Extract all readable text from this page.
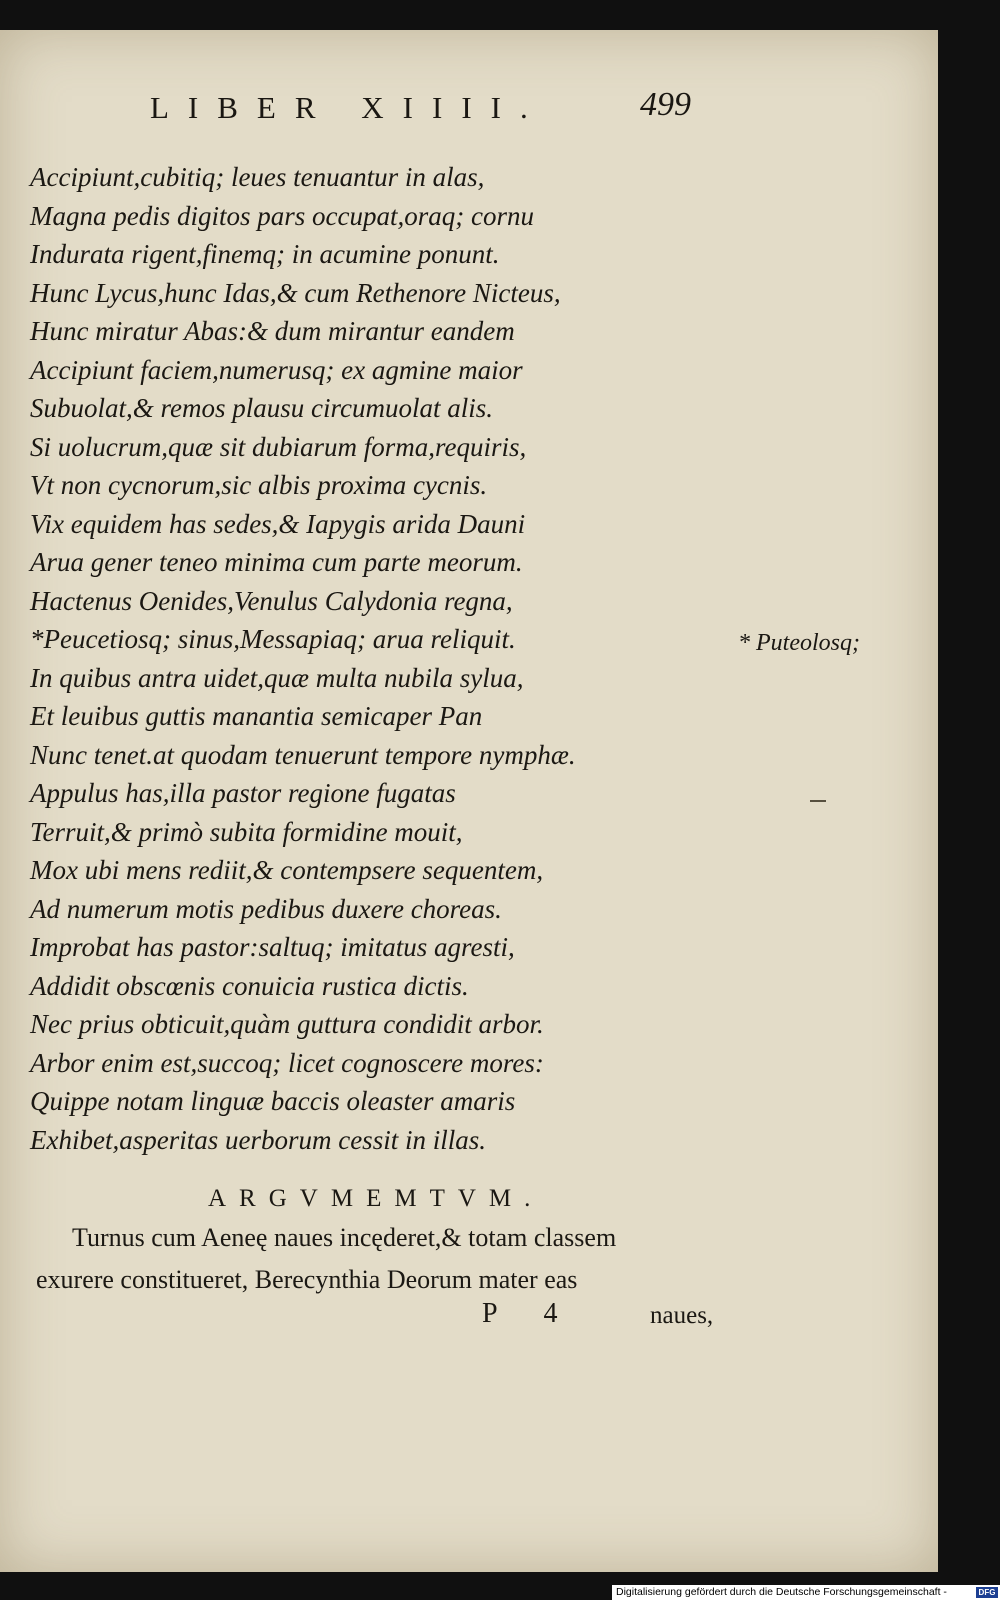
LIBER XIIII.	499
Accipiunt,cubitiq; leues tenuantur in alas,
Magna pedis digitos pars occupat,oraq; cornu
Indurata rigent,finemq; in acumine ponunt.
Hunc Lycus,hunc Idas,& cum Rethenore Nicteus,
Hunc miratur Abas:& dum mirantur eandem
Accipiunt faciem,numerusq; ex agmine maior
Subuolat,& remos plausu circumuolat alis.
Si uolucrum,quæ sit dubiarum forma,requiris,
Vt non cycnorum,sic albis proxima cycnis.
Vix equidem has sedes,& Iapygis arida Dauni
Arua gener teneo minima cum parte meorum.
Hactenus Oenides,Venulus Calydonia regna,
*Peucetiosq; sinus,Messapiaq; arua reliquit.
In quibus antra uidet,quæ multa nubila sylua,
Et leuibus guttis manantia semicaper Pan
Nunc tenet.at quodam tenuerunt tempore nymphæ.
Appulus has,illa pastor regione fugatas
Terruit,& primò subita formidine mouit,
Mox ubi mens rediit,& contempsere sequentem,
Ad numerum motis pedibus duxere choreas.
Improbat has pastor:saltuq; imitatus agresti,
Addidit obscœnis conuicia rustica dictis.
Nec prius obticuit,quàm guttura condidit arbor.
Arbor enim est,succoq; licet cognoscere mores:
Quippe notam linguæ baccis oleaster amaris
Exhibet,asperitas uerborum cessit in illas.
* Puteolosq;
ARGVMEMTVM.
Turnus cum Aeneę naues incęderet,& totam classem
exurere constitueret, Berecynthia Deorum mater eas
P 4	naues,
Digitalisierung gefördert durch die Deutsche Forschungsgemeinschaft -	DFG
